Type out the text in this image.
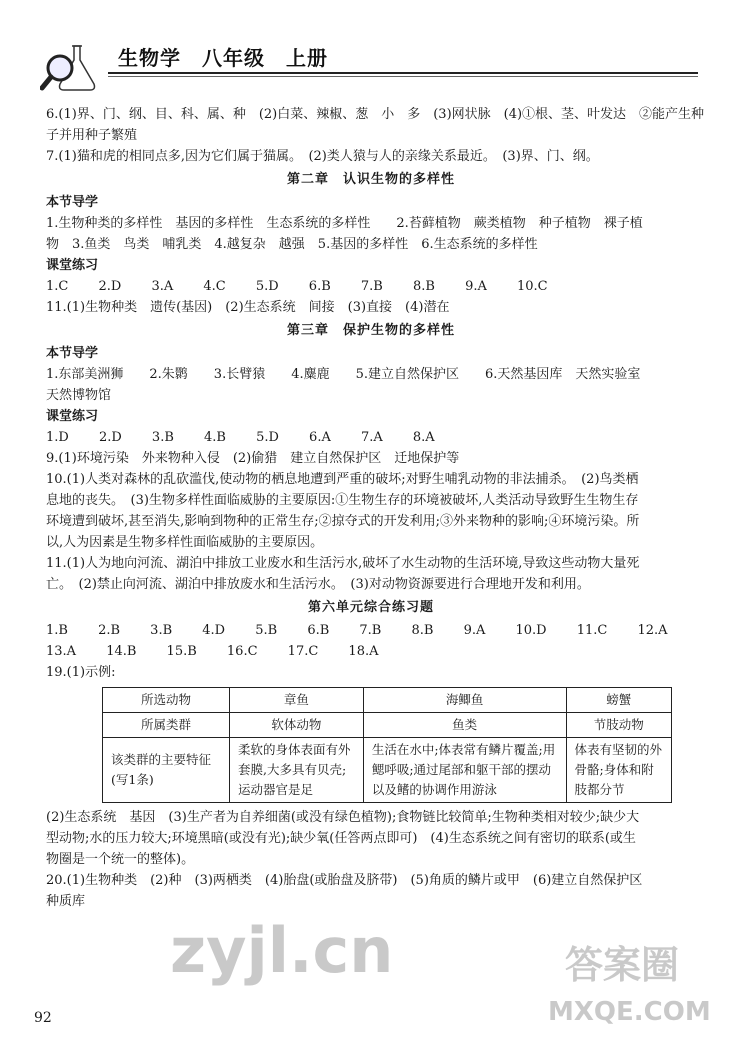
生物学　八年级　上册
6.(1)界、门、纲、目、科、属、种　(2)白菜、辣椒、葱　小　多　(3)网状脉　(4)①根、茎、叶发达　②能产生种
子并用种子繁殖
7.(1)猫和虎的相同点多,因为它们属于猫属。　(2)类人猿与人的亲缘关系最近。　(3)界、门、纲。
第二章　认识生物的多样性
本节导学
1.生物种类的多样性　基因的多样性　生态系统的多样性　　2.苔藓植物　蕨类植物　种子植物　裸子植
物　3.鱼类　鸟类　哺乳类　4.越复杂　越强　5.基因的多样性　6.生态系统的多样性
课堂练习
1.C　　 2.D　　 3.A　　 4.C　　 5.D　　 6.B　　 7.B　　 8.B　　 9.A　　 10.C
11.(1)生物种类　遗传(基因)　(2)生态系统　间接　(3)直接　(4)潜在
第三章　保护生物的多样性
本节导学
1.东部美洲狮　　2.朱鹮　　3.长臂猿　　4.麋鹿　　5.建立自然保护区　　6.天然基因库　天然实验室
天然博物馆
课堂练习
1.D　　 2.D　　 3.B　　 4.B　　 5.D　　 6.A　　 7.A　　 8.A
9.(1)环境污染　外来物种入侵　(2)偷猎　建立自然保护区　迁地保护等
10.(1)人类对森林的乱砍滥伐,使动物的栖息地遭到严重的破坏;对野生哺乳动物的非法捕杀。　(2)鸟类栖
息地的丧失。　(3)生物多样性面临威胁的主要原因:①生物生存的环境被破坏,人类活动导致野生生物生存
环境遭到破坏,甚至消失,影响到物种的正常生存;②掠夺式的开发利用;③外来物种的影响;④环境污染。所
以,人为因素是生物多样性面临威胁的主要原因。
11.(1)人为地向河流、湖泊中排放工业废水和生活污水,破坏了水生动物的生活环境,导致这些动物大量死
亡。　(2)禁止向河流、湖泊中排放废水和生活污水。　(3)对动物资源要进行合理地开发和利用。
第六单元综合练习题
1.B　　 2.B　　 3.B　　 4.D　　 5.B　　 6.B　　 7.B　　 8.B　　 9.A　　 10.D　　 11.C　　 12.A
13.A　　 14.B　　 15.B　　 16.C　　 17.C　　 18.A
19.(1)示例:
所选动物	章鱼	海鲫鱼	螃蟹
所属类群	软体动物	鱼类	节肢动物
该类群的主要特征(写1条)	柔软的身体表面有外套膜,大多具有贝壳;运动器官是足	生活在水中;体表常有鳞片覆盖;用鳃呼吸;通过尾部和躯干部的摆动以及鳍的协调作用游泳	体表有坚韧的外骨骼;身体和附肢都分节
(2)生态系统　基因　(3)生产者为自养细菌(或没有绿色植物);食物链比较简单;生物种类相对较少;缺少大
型动物;水的压力较大;环境黑暗(或没有光);缺少氧(任答两点即可)　(4)生态系统之间有密切的联系(或生
物圈是一个统一的整体)。
20.(1)生物种类　(2)种　(3)两栖类　(4)胎盘(或胎盘及脐带)　(5)角质的鳞片或甲　(6)建立自然保护区
种质库
zyjl.cn	答案圈
MXQE.COM
92
